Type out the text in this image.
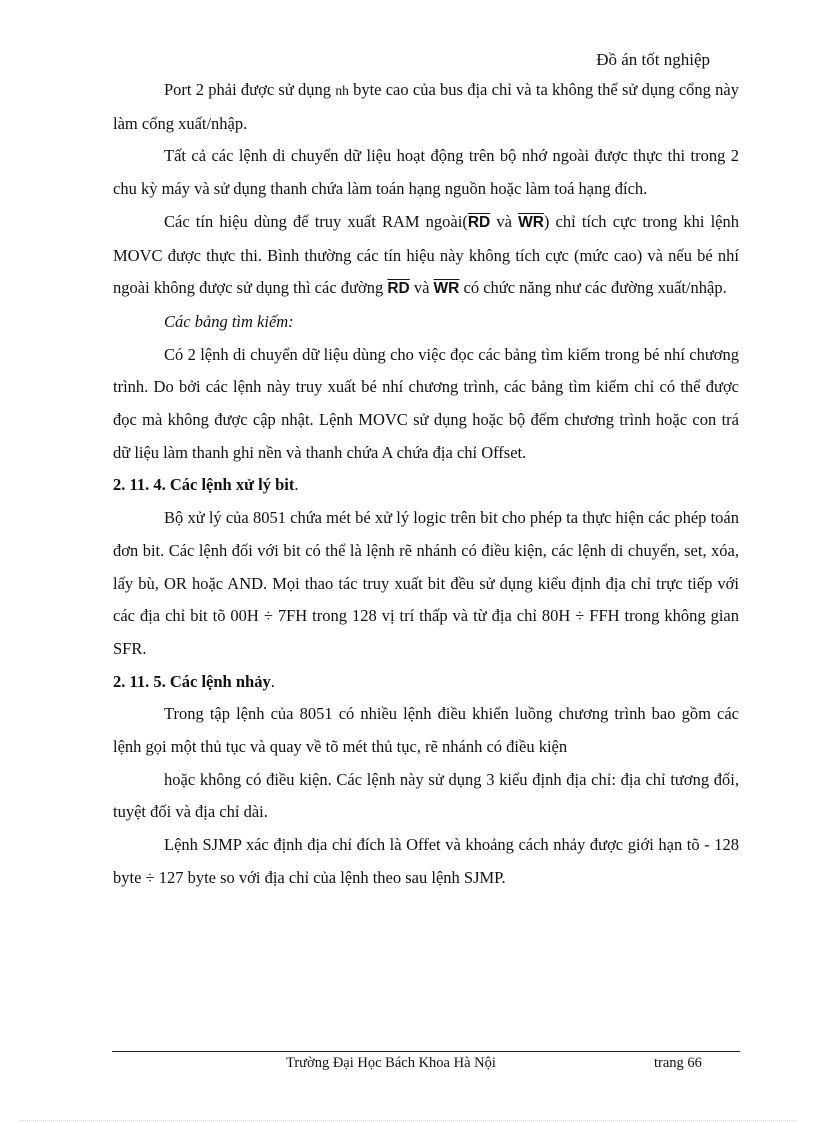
Đồ án tốt nghiệp

Port 2 phải được sử dụng nh byte cao của bus địa chỉ và ta không thể sử dụng cổng này làm cổng xuất/nhập.

Tất cả các lệnh di chuyển dữ liệu hoạt động trên bộ nhớ ngoài được thực thi trong 2 chu kỳ máy và sử dụng thanh chứa làm toán hạng nguồn hoặc làm toá hạng đích.

Các tín hiệu dùng để truy xuất RAM $ngoài(\overline{RD}$ và $\overline{WR}$) chỉ tích cực trong khi lệnh MOVC được thực thi. Bình thường các tín hiệu này không tích cực (mức cao) và nếu bé nhí ngoài không được sử dụng thì các đường $\overline{RD}$ và $\overline{WR}$ có chức năng như các đường xuất/nhập.

Các bảng tìm kiếm:

Có 2 lệnh di chuyển dữ liệu dùng cho việc đọc các bảng tìm kiếm trong bé nhí chương trình. Do bởi các lệnh này truy xuất bé nhí chương trình, các bảng tìm kiếm chỉ có thể được đọc mà không được cập nhật. Lệnh MOVC sử dụng hoặc bộ đếm chương trình hoặc con trá dữ liệu làm thanh ghi nền và thanh chứa A chứa địa chỉ Offset.

2. 11. 4. Các lệnh xử lý bit.

Bộ xử lý của 8051 chứa mét bé xử lý logic trên bit cho phép ta thực hiện các phép toán đơn bit. Các lệnh đối với bit có thể là lệnh rẽ nhánh có điều kiện, các lệnh di chuyển, set, xóa, lấy bù, OR hoặc AND. Mọi thao tác truy xuất bit đều sử dụng kiểu định địa chỉ trực tiếp với các địa chỉ bit tõ 00H ÷ 7FH trong 128 vị trí thấp và từ địa chỉ 80H ÷ FFH trong không gian SFR.

2. 11. 5. Các lệnh nhảy.

Trong tập lệnh của 8051 có nhiều lệnh điều khiển luồng chương trình bao gồm các lệnh gọi một thủ tục và quay về tõ mét thủ tục, rẽ nhánh có điều kiện

hoặc không có điều kiện. Các lệnh này sử dụng 3 kiểu định địa chỉ: địa chỉ tương đối, tuyệt đối và địa chỉ dài.

Lệnh SJMP xác định địa chỉ đích là Offet và khoảng cách nhảy được giới hạn tõ - 128 byte ÷ 127 byte so với địa chỉ của lệnh theo sau lệnh SJMP.

Trường Đại Học Bách Khoa Hà Nội	trang 66
